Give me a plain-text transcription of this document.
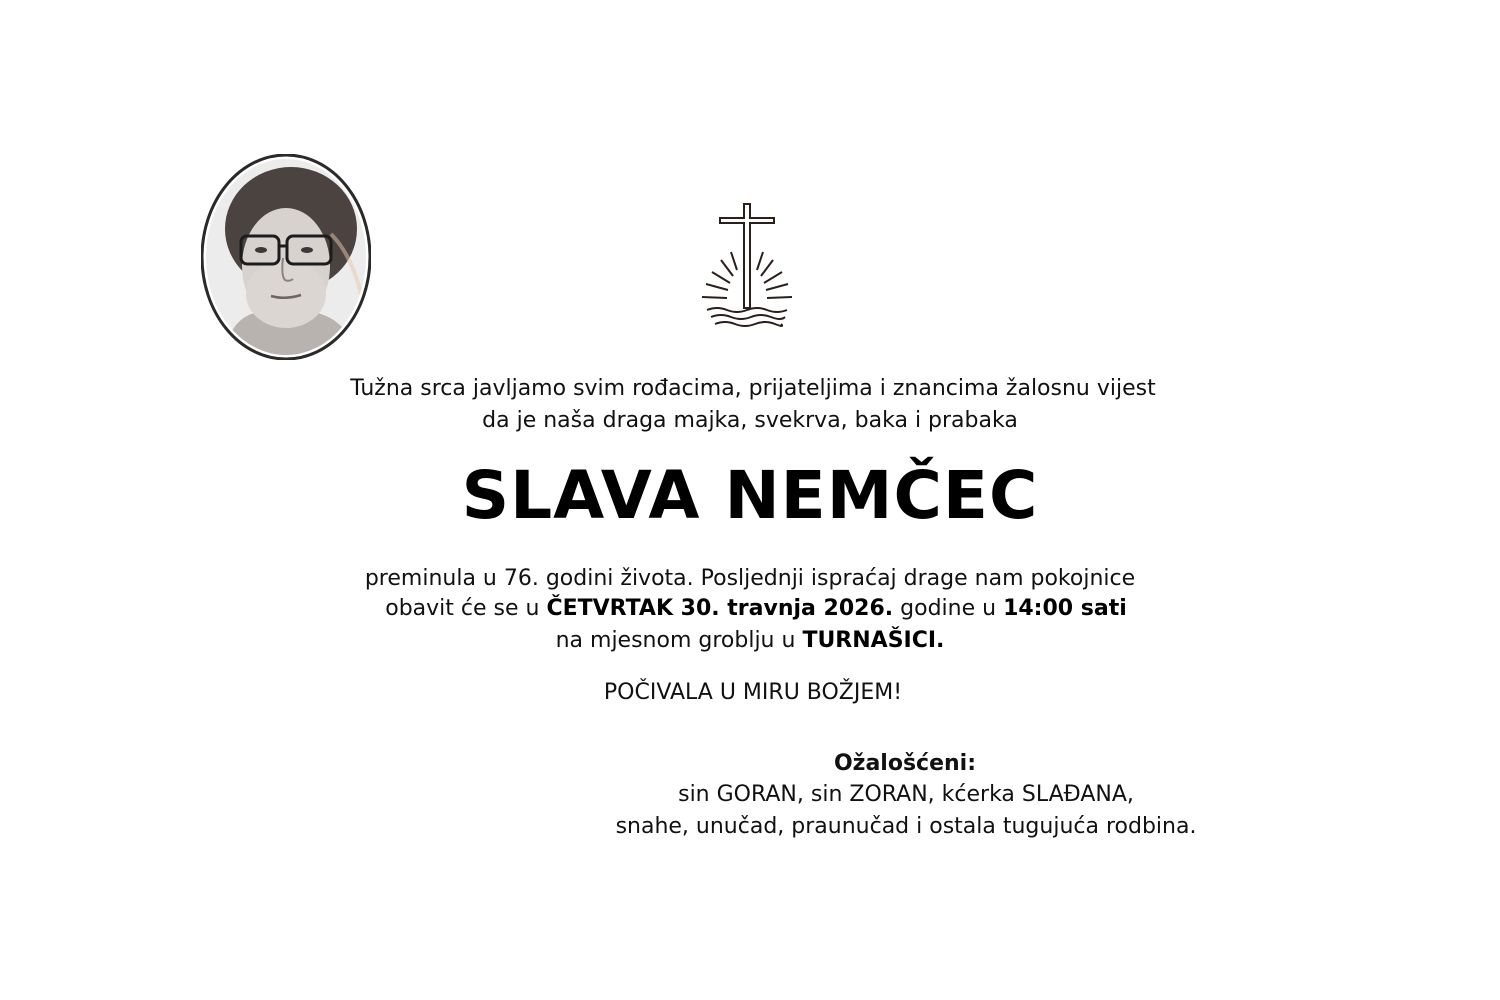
Tužna srca javljamo svim rođacima, prijateljima i znancima žalosnu vijest
da je naša draga majka, svekrva, baka i prabaka
SLAVA NEMČEC
preminula u 76. godini života. Posljednji ispraćaj drage nam pokojnice
obavit će se u ČETVRTAK 30. travnja 2026. godine u 14:00 sati
na mjesnom groblju u TURNAŠICI.
POČIVALA U MIRU BOŽJEM!
Ožalošćeni:
sin GORAN, sin ZORAN, kćerka SLAĐANA,
snahe, unučad, praunučad i ostala tugujuća rodbina.
